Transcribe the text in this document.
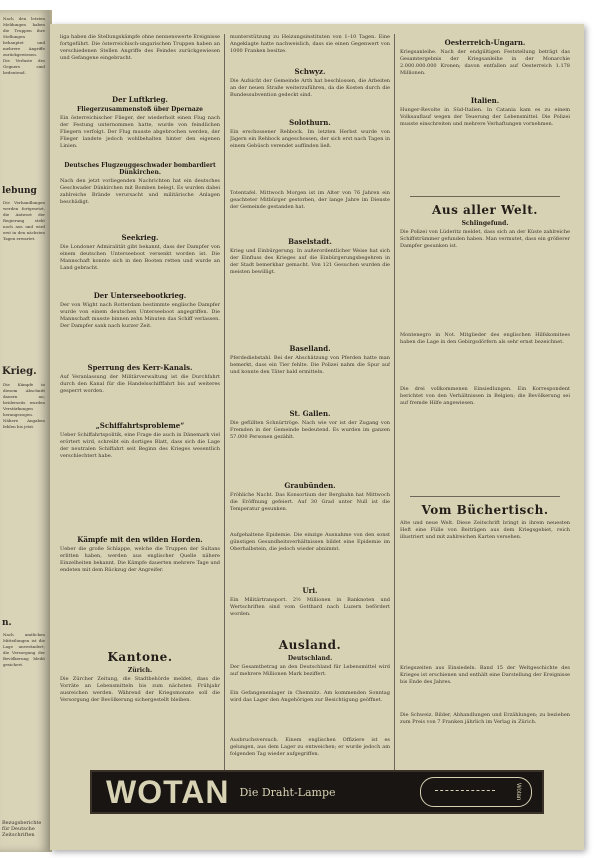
Nach den letzten Meldungen haben die Truppen ihre Stellungen behauptet und mehrere Angriffe zurückgewiesen. Die Verluste des Gegners sind bedeutend.
lebung
Die Verhandlungen werden fortgesetzt, die Antwort der Regierung steht noch aus und wird erst in den nächsten Tagen erwartet.
Krieg.
Die Kämpfe in diesem Abschnitt dauern an; beiderseits wurden Verstärkungen herangezogen. Nähere Angaben fehlen bis jetzt.
n.
Nach amtlichen Mitteilungen ist die Lage unverändert; die Versorgung der Bevölkerung bleibt gesichert.
Bezugsberichte für Deutsche Zeitschriften
liga haben die Stellungskämpfe ohne nennenswerte Ereignisse fortgeführt. Die österreichisch-ungarischen Truppen haben an verschiedenen Stellen Angriffe des Feindes zurückgewiesen und Gefangene eingebracht.
Der Luftkrieg.
Fliegerzusammenstoß über Dpernaze
Ein österreichischer Flieger, der wiederholt einen Flug nach der Festung unternommen hatte, wurde von feindlichen Fliegern verfolgt. Der Flug musste abgebrochen werden, der Flieger landete jedoch wohlbehalten hinter den eigenen Linien.
Deutsches Flugzeuggeschwader bombardiert Dünkirchen.
Nach den jetzt vorliegenden Nachrichten hat ein deutsches Geschwader Dünkirchen mit Bomben belegt. Es wurden dabei zahlreiche Brände verursacht und militärische Anlagen beschädigt.
Seekrieg.
Die Londoner Admiralität gibt bekannt, dass der Dampfer von einem deutschen Unterseeboot versenkt worden ist. Die Mannschaft konnte sich in den Booten retten und wurde an Land gebracht.
Der Unterseebootkrieg.
Der von Wight nach Rotterdam bestimmte englische Dampfer wurde von einem deutschen Unterseeboot angegriffen. Die Mannschaft musste binnen zehn Minuten das Schiff verlassen. Der Dampfer sank nach kurzer Zeit.
Sperrung des Kerr-Kanals.
Auf Veranlassung der Militärverwaltung ist die Durchfahrt durch den Kanal für die Handelsschifffahrt bis auf weiteres gesperrt worden.
„Schiffahrtsprobleme“
Ueber Schiffahrtspolitik, eine Frage die auch in Dänemark viel erörtert wird, schreibt ein dortiges Blatt, dass sich die Lage der neutralen Schiffahrt seit Beginn des Krieges wesentlich verschlechtert habe.
Kämpfe mit den wilden Horden.
Ueber die große Schlappe, welche die Truppen der Sultans erlitten haben, werden aus englischer Quelle nähere Einzelheiten bekannt. Die Kämpfe dauerten mehrere Tage und endeten mit dem Rückzug der Angreifer.
Kantone.
Zürich.
Die Zürcher Zeitung, die Stadtbehörde meldet, dass die Vorräte an Lebensmitteln bis zum nächsten Frühjahr ausreichen werden. Während der Kriegsmonate soll die Versorgung der Bevölkerung sichergestellt bleiben.
munterstützung zu Heizungsinstituten von 1–10 Tagen. Eine Angeklagte hatte nachweislich, dass sie einen Gegenwert von 1000 Franken besitze.
Schwyz.
Die Aufsicht der Gemeinde Arth hat beschlossen, die Arbeiten an der neuen Straße weiterzuführen, da die Kosten durch die Bundessubvention gedeckt sind.
Solothurn.
Ein erschossener Rehbock. Im letzten Herbst wurde von Jägern ein Rehbock angeschossen, der sich erst nach Tagen in einem Gebüsch verendet auffinden ließ.
Totentafel. Mittwoch Morgen ist im Alter von 76 Jahren ein geachteter Mitbürger gestorben, der lange Jahre im Dienste der Gemeinde gestanden hat.
Baselstadt.
Krieg und Einbürgerung. In außerordentlicher Weise hat sich der Einfluss des Krieges auf die Einbürgerungsbegehren in der Stadt bemerkbar gemacht. Von 121 Gesuchen wurden die meisten bewilligt.
Baselland.
Pferdediebstahl. Bei der Abschätzung von Pferden hatte man bemerkt, dass ein Tier fehlte. Die Polizei nahm die Spur auf und konnte den Täter bald ermitteln.
St. Gallen.
Die gefüllten Schnürtröge. Nach wie vor ist der Zugang von Fremden in der Gemeinde bedeutend. Es wurden im ganzen 57.000 Personen gezählt.
Graubünden.
Fröhliche Nacht. Das Konsortium der Bergbahn hat Mittwoch die Eröffnung gefeiert. Auf 30 Grad unter Null ist die Temperatur gesunken.
Aufgehaltene Epidemie. Die einzige Ausnahme von den sonst günstigen Gesundheitsverhältnissen bildet eine Epidemie im Oberhalbstein, die jedoch wieder abnimmt.
Uri.
Ein Militärtransport. 2½ Millionen in Banknoten und Wertschriften sind vom Gotthard nach Luzern befördert worden.
Ausland.
Deutschland.
Der Gesamtbetrag an den Deutschland für Lebensmittel wird auf mehrere Millionen Mark beziffert.
Ein Gefangenenlager in Chemnitz. Am kommenden Sonntag wird das Lager den Angehörigen zur Besichtigung geöffnet.
Ausbruchsversuch. Einem englischen Offiziere ist es gelungen, aus dem Lager zu entweichen; er wurde jedoch am folgenden Tag wieder aufgegriffen.
Oesterreich-Ungarn.
Kriegsanleihe. Nach der endgültigen Feststellung beträgt das Gesamtergebnis der Kriegsanleihe in der Monarchie 2.000.000.000 Kronen; davon entfallen auf Oesterreich 1.178 Millionen.
Italien.
Hunger-Revolte in Süd-Italien. In Catania kam es zu einem Volksauflauf wegen der Teuerung der Lebensmittel. Die Polizei musste einschreiten und mehrere Verhaftungen vornehmen.
Aus aller Welt.
Schlingefund.
Die Polizei von Lüderitz meldet, dass sich an der Küste zahlreiche Schiffstrümmer gefunden haben. Man vermutet, dass ein größerer Dampfer gesunken ist.
Montenegro in Not. Mitglieder des englischen Hilfskomitees haben die Lage in den Gebirgsdörfern als sehr ernst bezeichnet.
Die drei vollkommenen Einsiedlungen. Ein Korrespondent berichtet von den Verhältnissen in Belgien; die Bevölkerung sei auf fremde Hilfe angewiesen.
Vom Büchertisch.
Alte und neue Welt. Diese Zeitschrift bringt in ihrem neuesten Heft eine Fülle von Beiträgen aus dem Kriegsgebiet, reich illustriert und mit zahlreichen Karten versehen.
Kriegszeiten aus Einsiedeln. Band 15 der Weltgeschichte des Krieges ist erschienen und enthält eine Darstellung der Ereignisse bis Ende des Jahres.
Die Schweiz. Bilder, Abhandlungen und Erzählungen; zu beziehen zum Preis von 7 Franken jährlich im Verlag in Zürich.
WOTAN Die Draht-Lampe	Wotan
